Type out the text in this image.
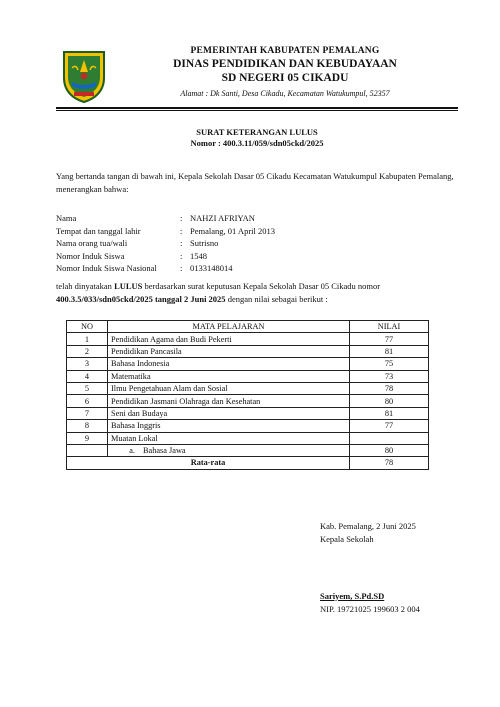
PEMERINTAH KABUPATEN PEMALANG
DINAS PENDIDIKAN DAN KEBUDAYAAN
SD NEGERI 05 CIKADU
Alamat : Dk Santi, Desa Cikadu, Kecamatan Watukumpul, 52357
SURAT KETERANGAN LULUS
Nomor : 400.3.11/059/sdn05ckd/2025
Yang bertanda tangan di bawah ini, Kepala Sekolah Dasar 05 Cikadu Kecamatan Watukumpul Kabupaten Pemalang, menerangkan bahwa:
Nama	: NAHZI AFRIYAN
Tempat dan tanggal lahir	: Pemalang, 01 April 2013
Nama orang tua/wali	: Sutrisno
Nomor Induk Siswa	: 1548
Nomor Induk Siswa Nasional	: 0133148014
telah dinyatakan LULUS berdasarkan surat keputusan Kepala Sekolah Dasar 05 Cikadu nomor 400.3.5/033/sdn05ckd/2025 tanggal 2 Juni 2025 dengan nilai sebagai berikut :
NO	MATA PELAJARAN	NILAI
1	Pendidikan Agama dan Budi Pekerti	77
2	Pendidikan Pancasila	81
3	Bahasa Indonesia	75
4	Matematika	73
5	Ilmu Pengetahuan Alam dan Sosial	78
6	Pendidikan Jasmani Olahraga dan Kesehatan	80
7	Seni dan Budaya	81
8	Bahasa Inggris	77
9	Muatan Lokal	
	a. Bahasa Jawa	80
Rata-rata		78
Kab. Pemalang, 2 Juni 2025
Kepala Sekolah
Sariyem, S.Pd.SD
NIP. 19721025 199603 2 004
